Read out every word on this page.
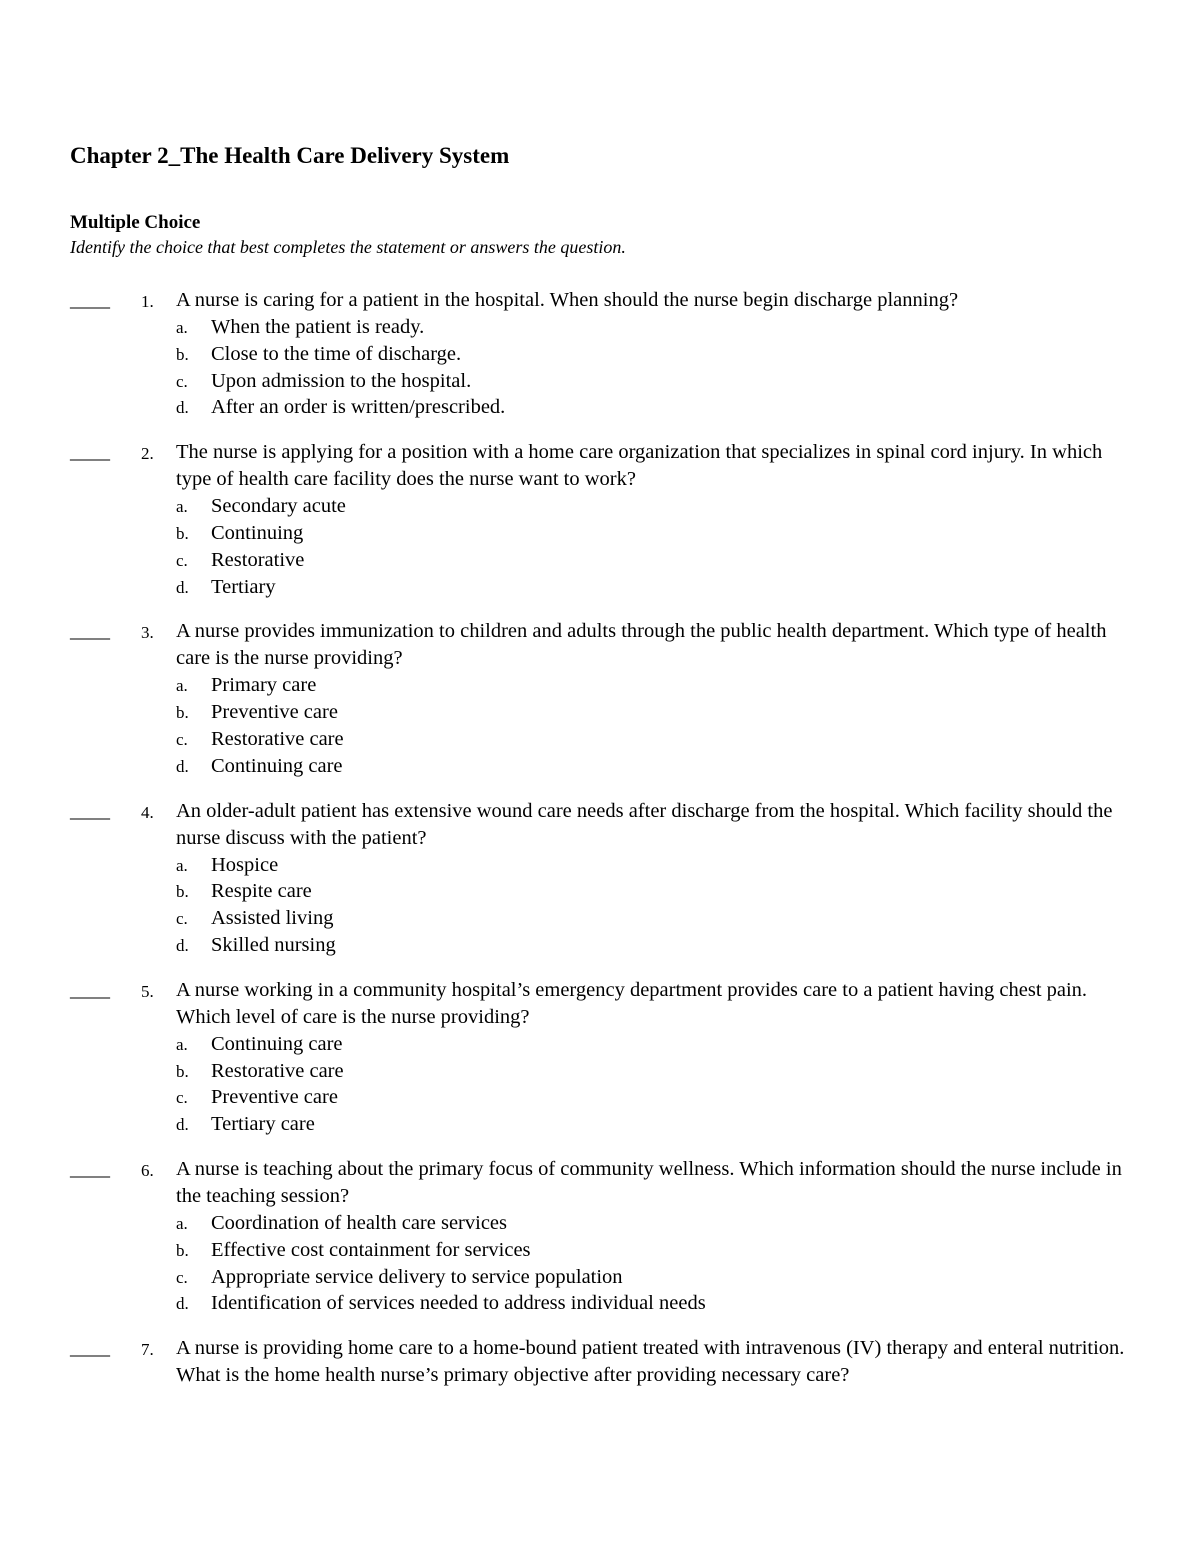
Chapter 2_The Health Care Delivery System
Multiple Choice
Identify the choice that best completes the statement or answers the question.
____ 1. A nurse is caring for a patient in the hospital. When should the nurse begin discharge planning?
a. When the patient is ready.
b. Close to the time of discharge.
c. Upon admission to the hospital.
d. After an order is written/prescribed.
____ 2. The nurse is applying for a position with a home care organization that specializes in spinal cord injury. In which type of health care facility does the nurse want to work?
a. Secondary acute
b. Continuing
c. Restorative
d. Tertiary
____ 3. A nurse provides immunization to children and adults through the public health department. Which type of health care is the nurse providing?
a. Primary care
b. Preventive care
c. Restorative care
d. Continuing care
____ 4. An older-adult patient has extensive wound care needs after discharge from the hospital. Which facility should the nurse discuss with the patient?
a. Hospice
b. Respite care
c. Assisted living
d. Skilled nursing
____ 5. A nurse working in a community hospital’s emergency department provides care to a patient having chest pain. Which level of care is the nurse providing?
a. Continuing care
b. Restorative care
c. Preventive care
d. Tertiary care
____ 6. A nurse is teaching about the primary focus of community wellness. Which information should the nurse include in the teaching session?
a. Coordination of health care services
b. Effective cost containment for services
c. Appropriate service delivery to service population
d. Identification of services needed to address individual needs
____ 7. A nurse is providing home care to a home-bound patient treated with intravenous (IV) therapy and enteral nutrition. What is the home health nurse’s primary objective after providing necessary care?
